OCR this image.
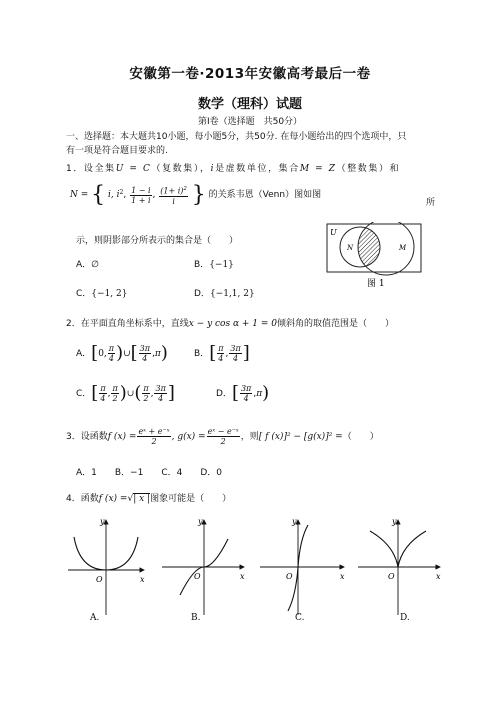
安徽第一卷·2013年安徽高考最后一卷
数学（理科）试题
第Ⅰ卷（选择题　共50分）
一、选择题：本大题共10小题，每小题5分，共50分. 在每小题给出的四个选项中，只
有一项是符合题目要求的.
1．设全集U = C（复数集），i是虚数单位，集合M = Z（整数集）和
N = { i, $i^2$, $\frac{1 - i}{1 + i}$ , $\frac{(1+ i)^2}{i}$ } 的关系韦恩（Venn）图如图
所
示，则阴影部分所表示的集合是（　　）
A．∅	B．{−1}
C．{−1, 2}	D．{−1,1, 2}
U
N	M
图 1
2．在平面直角坐标系中，直线x − y cos α + 1 = 0倾斜角的取值范围是（　　）
A．[0, $\frac{\pi}{4}$ )∪[ $\frac{3\pi}{4} ,\pi$)	B．[ $\frac{\pi}{4}$ , $\frac{3\pi}{4}$ ]
C．[ $\frac{\pi}{4}$ , $\frac{\pi}{2}$ )∪( $\frac{\pi}{2}$ , $\frac{3\pi}{4}$ ]	D．[ $\frac{3\pi}{4} ,\pi$)
3．设函数f $(x) = \frac{\text{eˣ + e⁻ˣ}}{2}$ , $g(x) = \frac{\text{eˣ − e⁻ˣ}}{2}$ ，则[ f (x)]² − [g(x)]² =（　　）
A．1　　B．−1　　C．4　　D．0
4．函数f (x) =√| x |图象可能是（　　）
y
x
O
y
x
O
y
x
O
y
x
O
A.	B.	C.	D.
